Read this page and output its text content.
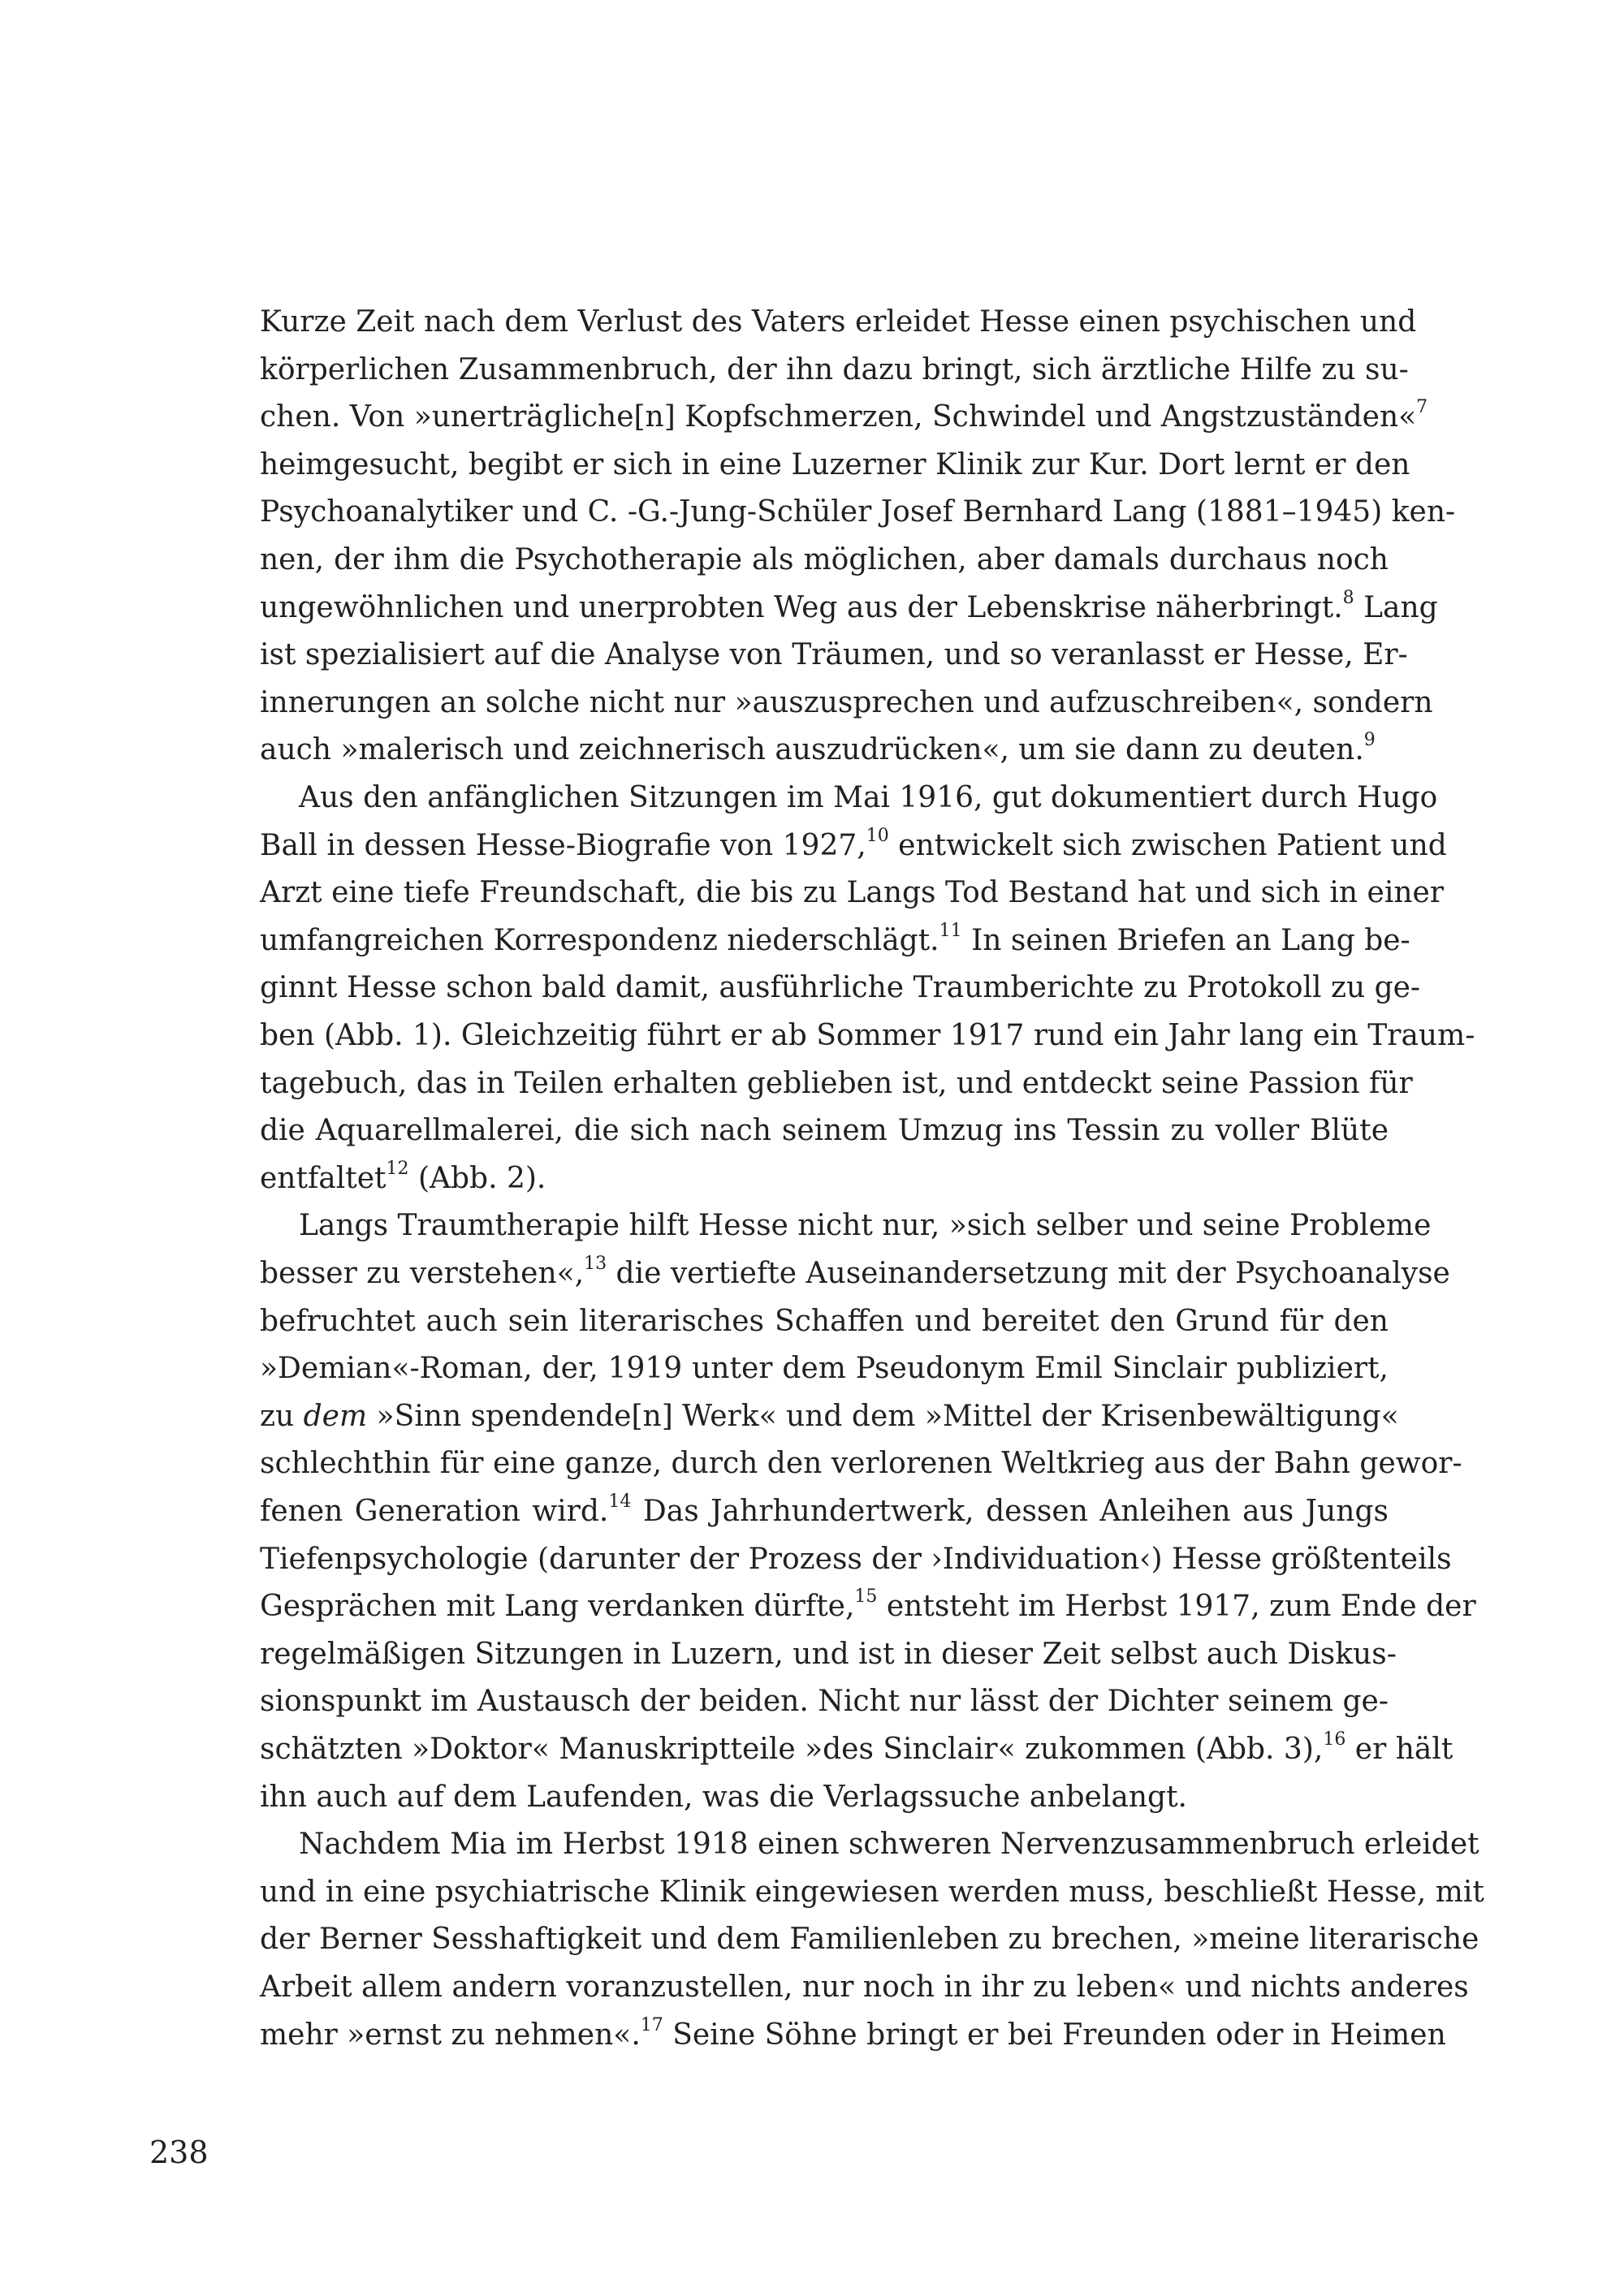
Kurze Zeit nach dem Verlust des Vaters erleidet Hesse einen psychischen und
körperlichen Zusammenbruch, der ihn dazu bringt, sich ärztliche Hilfe zu su-
chen. Von »unerträgliche[n] Kopfschmerzen, Schwindel und Angstzuständen«$^7$
heimgesucht, begibt er sich in eine Luzerner Klinik zur Kur. Dort lernt er den
Psychoanalytiker und C. -G.-Jung-Schüler Josef Bernhard Lang (1881–1945) ken-
nen, der ihm die Psychotherapie als möglichen, aber damals durchaus noch
ungewöhnlichen und unerprobten Weg aus der Lebenskrise näherbringt.$^8$ Lang
ist spezialisiert auf die Analyse von Träumen, und so veranlasst er Hesse, Er-
innerungen an solche nicht nur »auszusprechen und aufzuschreiben«, sondern
auch »malerisch und zeichnerisch auszudrücken«, um sie dann zu deuten.$^9$
Aus den anfänglichen Sitzungen im Mai 1916, gut dokumentiert durch Hugo
Ball in dessen Hesse-Biografie von 1927,10 entwickelt sich zwischen Patient und
Arzt eine tiefe Freundschaft, die bis zu Langs Tod Bestand hat und sich in einer
umfangreichen Korrespondenz niederschlägt.$^{11}$ In seinen Briefen an Lang be-
ginnt Hesse schon bald damit, ausführliche Traumberichte zu Protokoll zu ge-
ben (Abb. 1). Gleichzeitig führt er ab Sommer 1917 rund ein Jahr lang ein Traum-
tagebuch, das in Teilen erhalten geblieben ist, und entdeckt seine Passion für
die Aquarellmalerei, die sich nach seinem Umzug ins Tessin zu voller Blüte
entfaltet$^{12}$ (Abb. 2).
Langs Traumtherapie hilft Hesse nicht nur, »sich selber und seine Probleme
besser zu verstehen«,$^{13}$ die vertiefte Auseinandersetzung mit der Psychoanalyse
befruchtet auch sein literarisches Schaffen und bereitet den Grund für den
»Demian«-Roman, der, 1919 unter dem Pseudonym Emil Sinclair publiziert,
zu dem »Sinn spendende[n] Werk« und dem »Mittel der Krisenbewältigung«
schlechthin für eine ganze, durch den verlorenen Weltkrieg aus der Bahn gewor-
fenen Generation wird.$^{14}$ Das Jahrhundertwerk, dessen Anleihen aus Jungs
Tiefenpsychologie (darunter der Prozess der ›Individuation‹) Hesse größtenteils
Gesprächen mit Lang verdanken dürfte,$^{15}$ entsteht im Herbst 1917, zum Ende der
regelmäßigen Sitzungen in Luzern, und ist in dieser Zeit selbst auch Diskus-
sionspunkt im Austausch der beiden. Nicht nur lässt der Dichter seinem ge-
schätzten »Doktor« Manuskriptteile »des Sinclair« zukommen (Abb. 3),$^{16}$ er hält
ihn auch auf dem Laufenden, was die Verlagssuche anbelangt.
Nachdem Mia im Herbst 1918 einen schweren Nervenzusammenbruch erleidet
und in eine psychiatrische Klinik eingewiesen werden muss, beschließt Hesse, mit
der Berner Sesshaftigkeit und dem Familienleben zu brechen, »meine literarische
Arbeit allem andern voranzustellen, nur noch in ihr zu leben« und nichts anderes
mehr »ernst zu nehmen«.$^{17}$ Seine Söhne bringt er bei Freunden oder in Heimen
238
